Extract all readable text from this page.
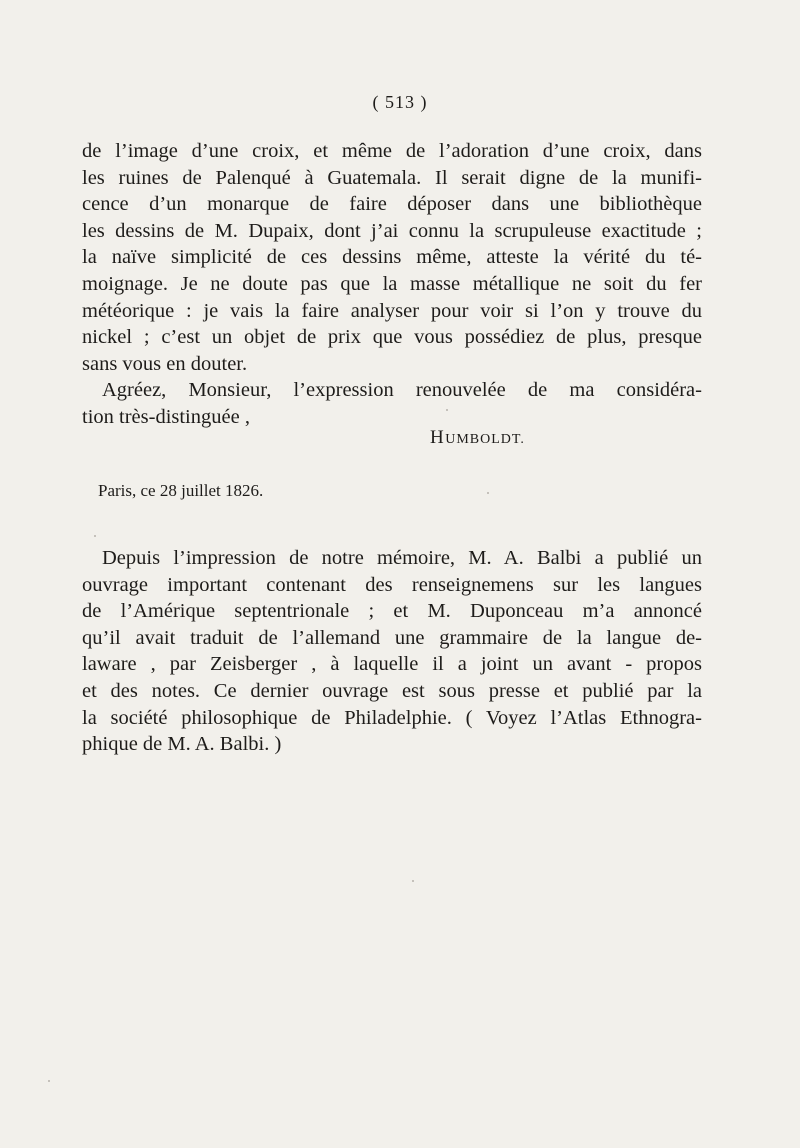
( 513 )
de l’image d’une croix, et même de l’adoration d’une croix, dans
les ruines de Palenqué à Guatemala. Il serait digne de la munifi-
cence d’un monarque de faire déposer dans une bibliothèque
les dessins de M. Dupaix, dont j’ai connu la scrupuleuse exactitude ;
la naïve simplicité de ces dessins même, atteste la vérité du té-
moignage. Je ne doute pas que la masse métallique ne soit du fer
météorique : je vais la faire analyser pour voir si l’on y trouve du
nickel ; c’est un objet de prix que vous possédiez de plus, presque
sans vous en douter.
Agréez, Monsieur, l’expression renouvelée de ma considéra-
tion très-distinguée ,
HUMBOLDT.
Paris, ce 28 juillet 1826.
Depuis l’impression de notre mémoire, M. A. Balbi a publié un
ouvrage important contenant des renseignemens sur les langues
de l’Amérique septentrionale ; et M. Duponceau m’a annoncé
qu’il avait traduit de l’allemand une grammaire de la langue de-
laware , par Zeisberger , à laquelle il a joint un avant - propos
et des notes. Ce dernier ouvrage est sous presse et publié par la
la société philosophique de Philadelphie. ( Voyez l’Atlas Ethnogra-
phique de M. A. Balbi. )
